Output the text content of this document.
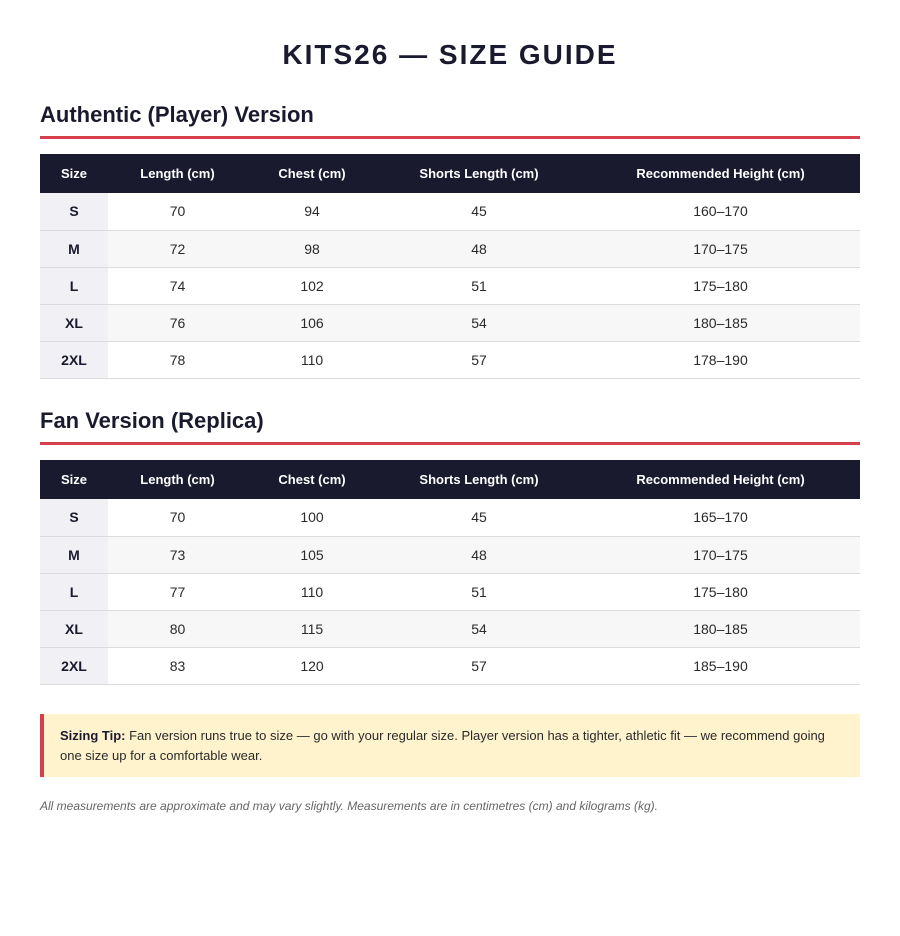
KITS26 — SIZE GUIDE
Authentic (Player) Version
Size	Length (cm)	Chest (cm)	Shorts Length (cm)	Recommended Height (cm)
S	70	94	45	160–170
M	72	98	48	170–175
L	74	102	51	175–180
XL	76	106	54	180–185
2XL	78	110	57	178–190
Fan Version (Replica)
Size	Length (cm)	Chest (cm)	Shorts Length (cm)	Recommended Height (cm)
S	70	100	45	165–170
M	73	105	48	170–175
L	77	110	51	175–180
XL	80	115	54	180–185
2XL	83	120	57	185–190
Sizing Tip: Fan version runs true to size — go with your regular size. Player version has a tighter, athletic fit — we recommend going one size up for a comfortable wear.

All measurements are approximate and may vary slightly. Measurements are in centimetres (cm) and kilograms (kg).
